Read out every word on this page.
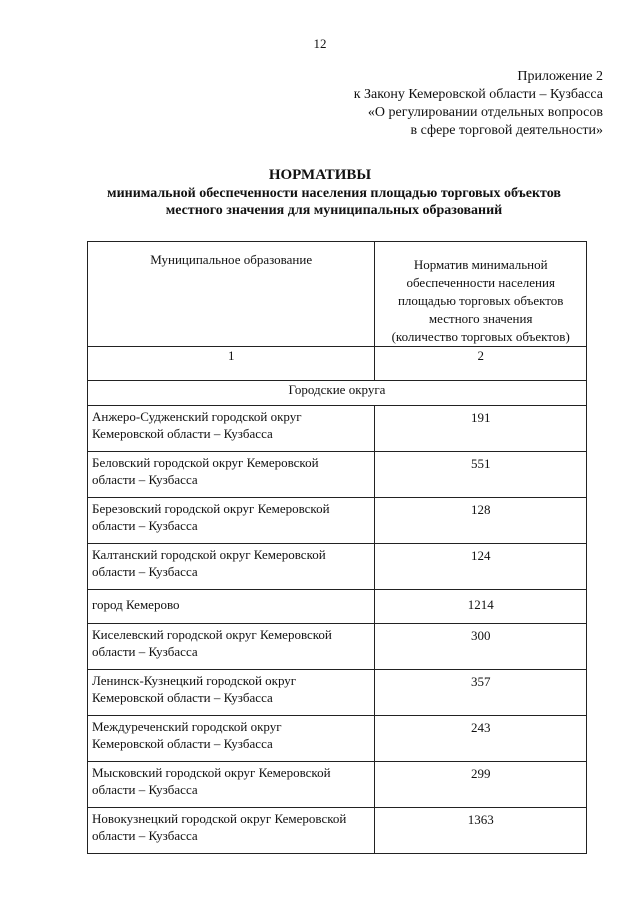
12
Приложение 2
к Закону Кемеровской области – Кузбасса
«О регулировании отдельных вопросов
в сфере торговой деятельности»
НОРМАТИВЫ
минимальной обеспеченности населения площадью торговых объектов
местного значения для муниципальных образований
Муниципальное образование	Норматив минимальной
обеспеченности населения
площадью торговых объектов
местного значения
(количество торговых объектов)

1	2
Городские округа	

Анжеро-Судженский городской округ
Кемеровской области – Кузбасса	191

Беловский городской округ Кемеровской
области – Кузбасса	551

Березовский городской округ Кемеровской
области – Кузбасса	128

Калтанский городской округ Кемеровской
области – Кузбасса	124

город Кемерово	1214

Киселевский городской округ Кемеровской
области – Кузбасса	300

Ленинск-Кузнецкий городской округ
Кемеровской области – Кузбасса	357

Междуреченский городской округ
Кемеровской области – Кузбасса	243

Мысковский городской округ Кемеровской
области – Кузбасса	299

Новокузнецкий городской округ Кемеровской
области – Кузбасса	1363
